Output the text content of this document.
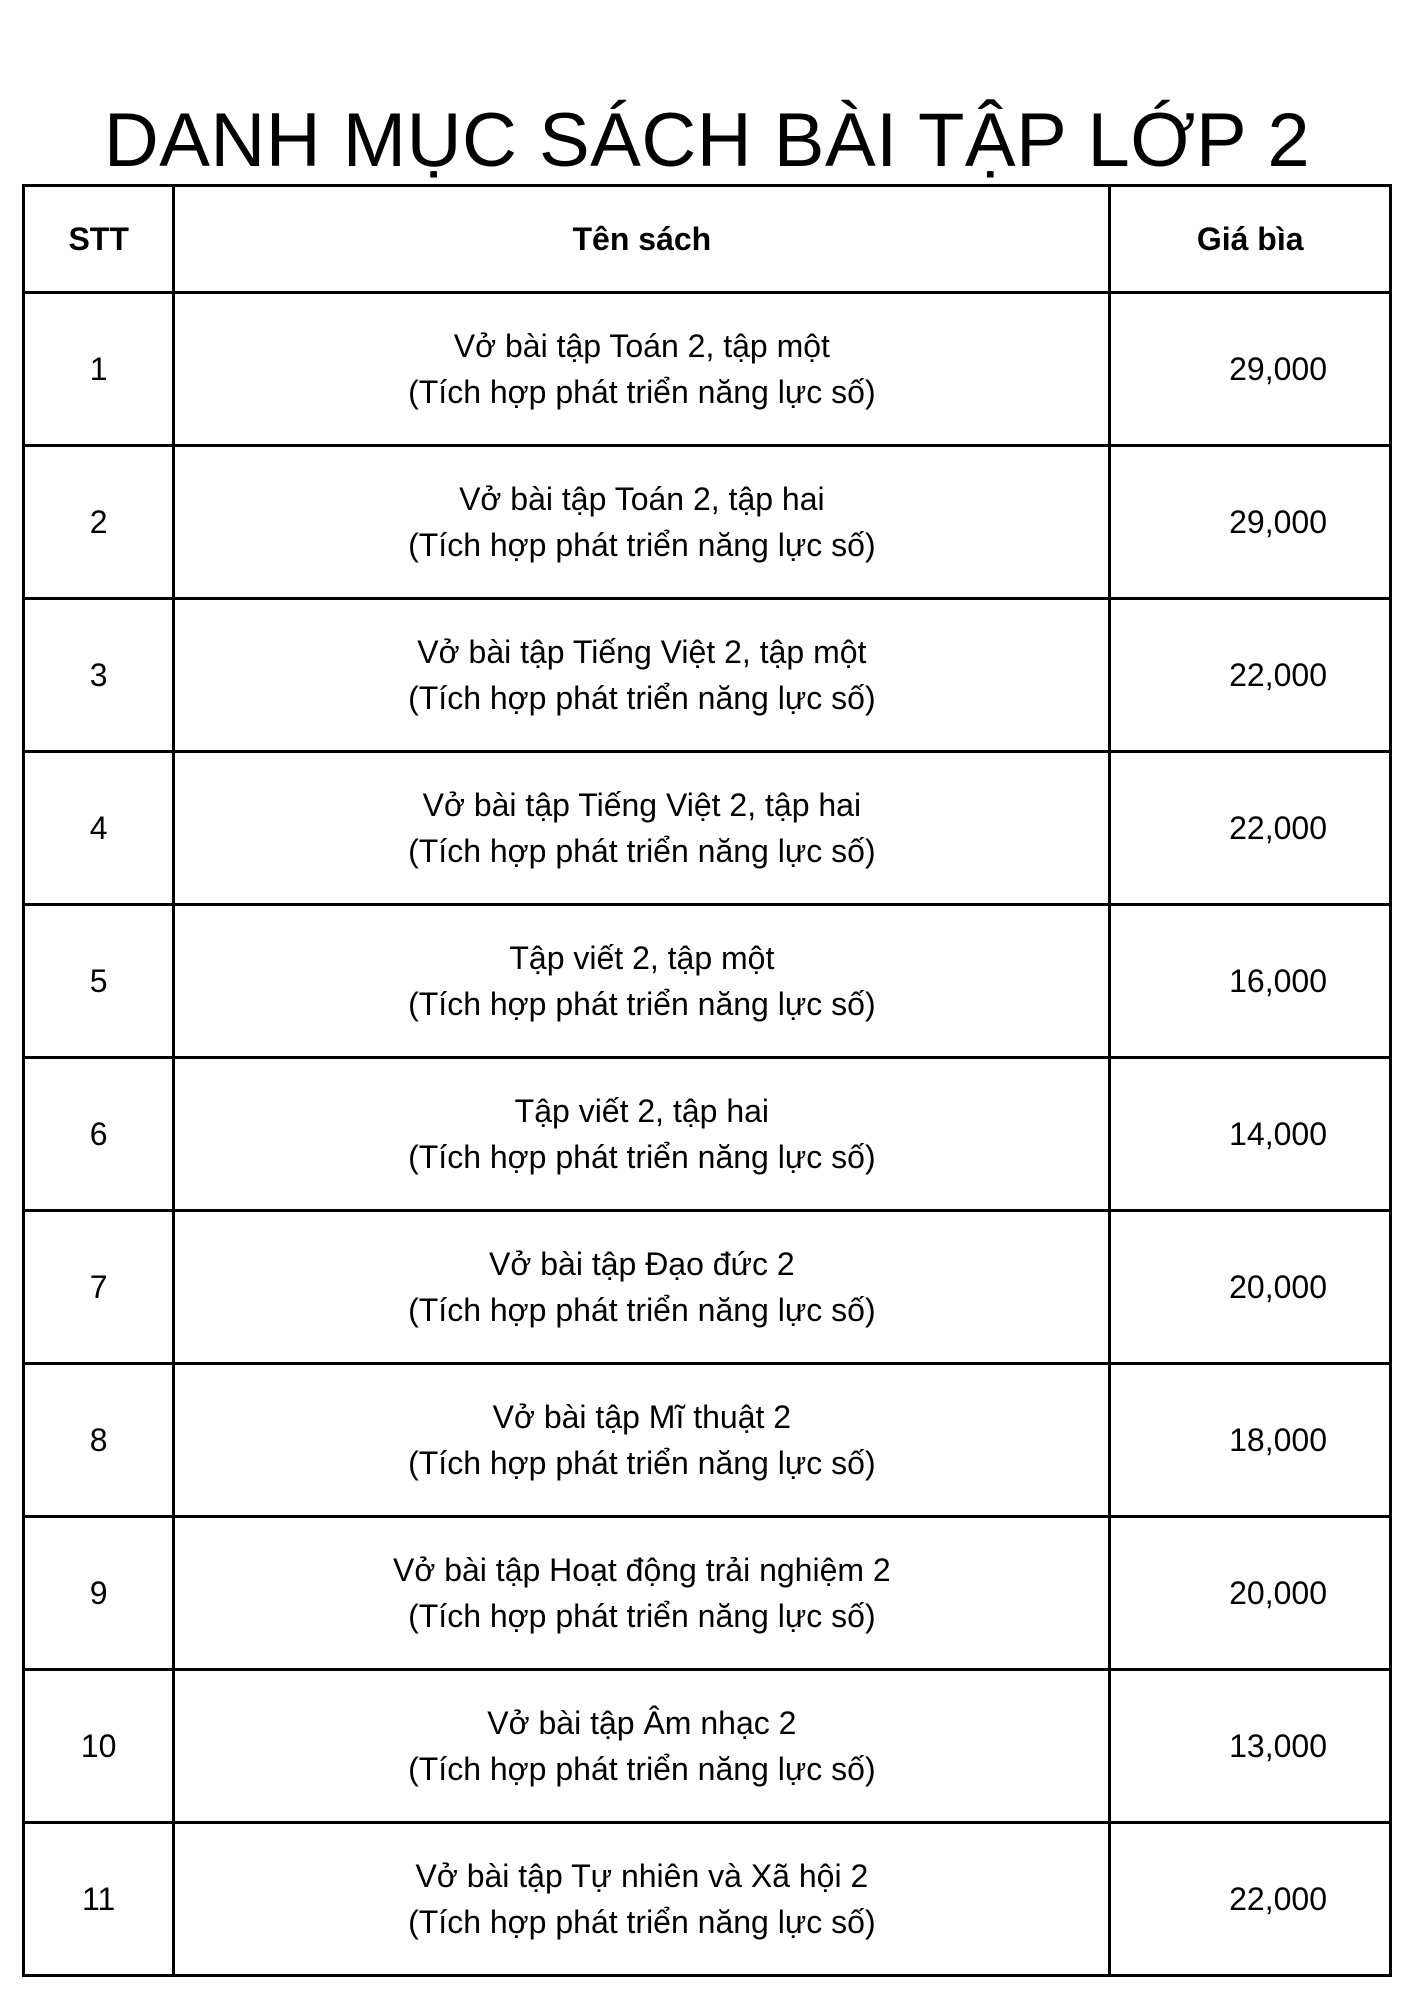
DANH MỤC SÁCH BÀI TẬP LỚP 2
STT	Tên sách	Giá bìa
1	Vở bài tập Toán 2, tập một
(Tích hợp phát triển năng lực số)	29,000
2	Vở bài tập Toán 2, tập hai
(Tích hợp phát triển năng lực số)	29,000
3	Vở bài tập Tiếng Việt 2, tập một
(Tích hợp phát triển năng lực số)	22,000
4	Vở bài tập Tiếng Việt 2, tập hai
(Tích hợp phát triển năng lực số)	22,000
5	Tập viết 2, tập một
(Tích hợp phát triển năng lực số)	16,000
6	Tập viết 2, tập hai
(Tích hợp phát triển năng lực số)	14,000
7	Vở bài tập Đạo đức 2
(Tích hợp phát triển năng lực số)	20,000
8	Vở bài tập Mĩ thuật 2
(Tích hợp phát triển năng lực số)	18,000
9	Vở bài tập Hoạt động trải nghiệm 2
(Tích hợp phát triển năng lực số)	20,000
10	Vở bài tập Âm nhạc 2
(Tích hợp phát triển năng lực số)	13,000
11	Vở bài tập Tự nhiên và Xã hội 2
(Tích hợp phát triển năng lực số)	22,000
